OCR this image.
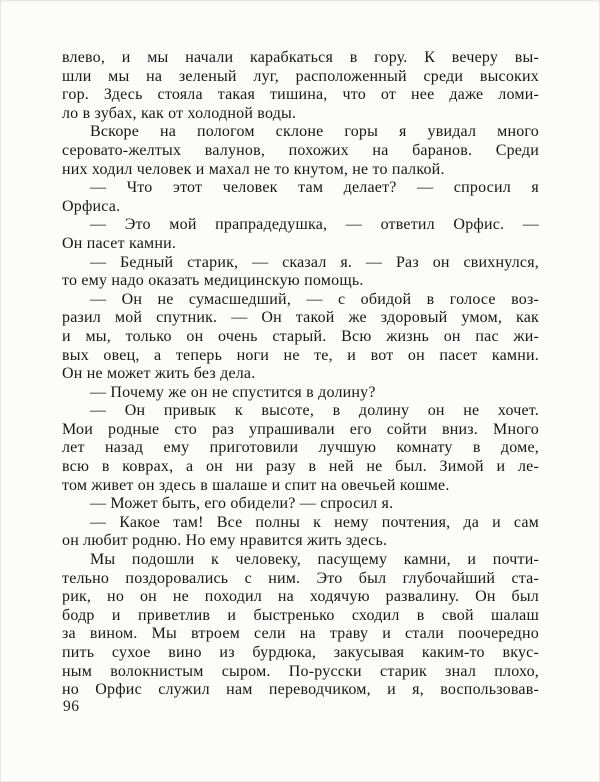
влево, и мы начали карабкаться в гору. К вечеру вы-
шли мы на зеленый луг, расположенный среди высоких
гор. Здесь стояла такая тишина, что от нее даже ломи-
ло в зубах, как от холодной воды.
Вскоре на пологом склоне горы я увидал много
серовато-желтых валунов, похожих на баранов. Среди
них ходил человек и махал не то кнутом, не то палкой.
— Что этот человек там делает? — спросил я
Орфиса.
— Это мой прапрадедушка, — ответил Орфис. —
Он пасет камни.
— Бедный старик, — сказал я. — Раз он свихнулся,
то ему надо оказать медицинскую помощь.
— Он не сумасшедший, — с обидой в голосе воз-
разил мой спутник. — Он такой же здоровый умом, как
и мы, только он очень старый. Всю жизнь он пас жи-
вых овец, а теперь ноги не те, и вот он пасет камни.
Он не может жить без дела.
— Почему же он не спустится в долину?
— Он привык к высоте, в долину он не хочет.
Мои родные сто раз упрашивали его сойти вниз. Много
лет назад ему приготовили лучшую комнату в доме,
всю в коврах, а он ни разу в ней не был. Зимой и ле-
том живет он здесь в шалаше и спит на овечьей кошме.
— Может быть, его обидели? — спросил я.
— Какое там! Все полны к нему почтения, да и сам
он любит родню. Но ему нравится жить здесь.
Мы подошли к человеку, пасущему камни, и почти-
тельно поздоровались с ним. Это был глубочайший ста-
рик, но он не походил на ходячую развалину. Он был
бодр и приветлив и быстренько сходил в свой шалаш
за вином. Мы втроем сели на траву и стали поочередно
пить сухое вино из бурдюка, закусывая каким-то вкус-
ным волокнистым сыром. По-русски старик знал плохо,
но Орфис служил нам переводчиком, и я, воспользовав-
96
